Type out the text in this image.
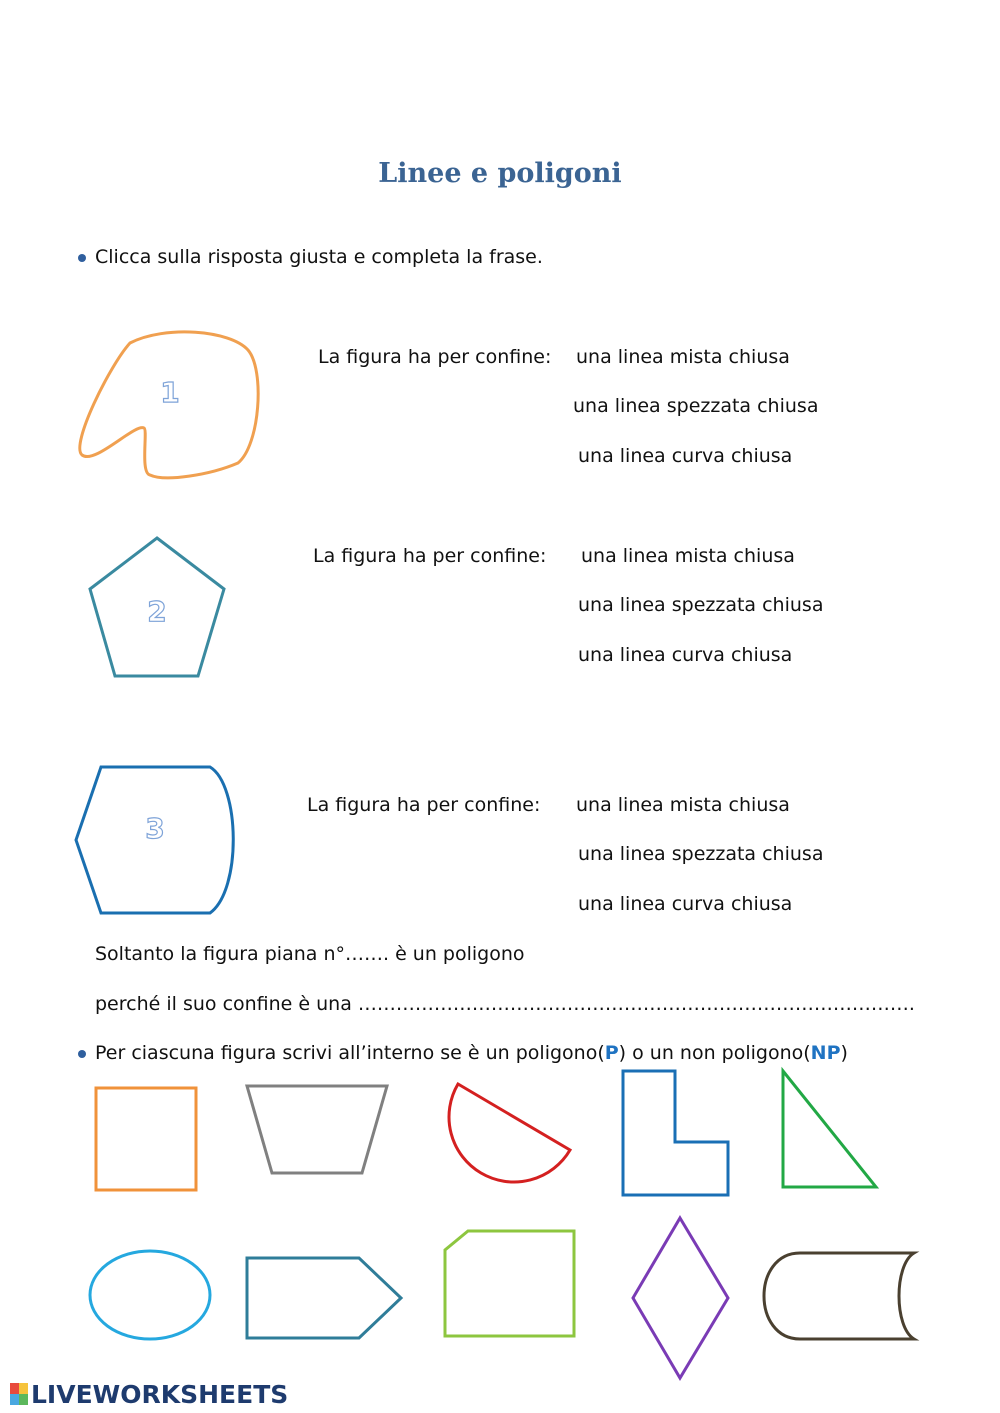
Linee e poligoni
Clicca sulla risposta giusta e completa la frase.
1
La figura ha per confine: una linea mista chiusa
una linea spezzata chiusa
una linea curva chiusa
2
La figura ha per confine: una linea mista chiusa
una linea spezzata chiusa
una linea curva chiusa
3
La figura ha per confine: una linea mista chiusa
una linea spezzata chiusa
una linea curva chiusa
Soltanto la figura piana n°……. è un poligono
perché il suo confine è una …………………………………………………………………………….
Per ciascuna figura scrivi all’interno se è un poligono(P) o un non poligono(NP)
LIVEWORKSHEETS
